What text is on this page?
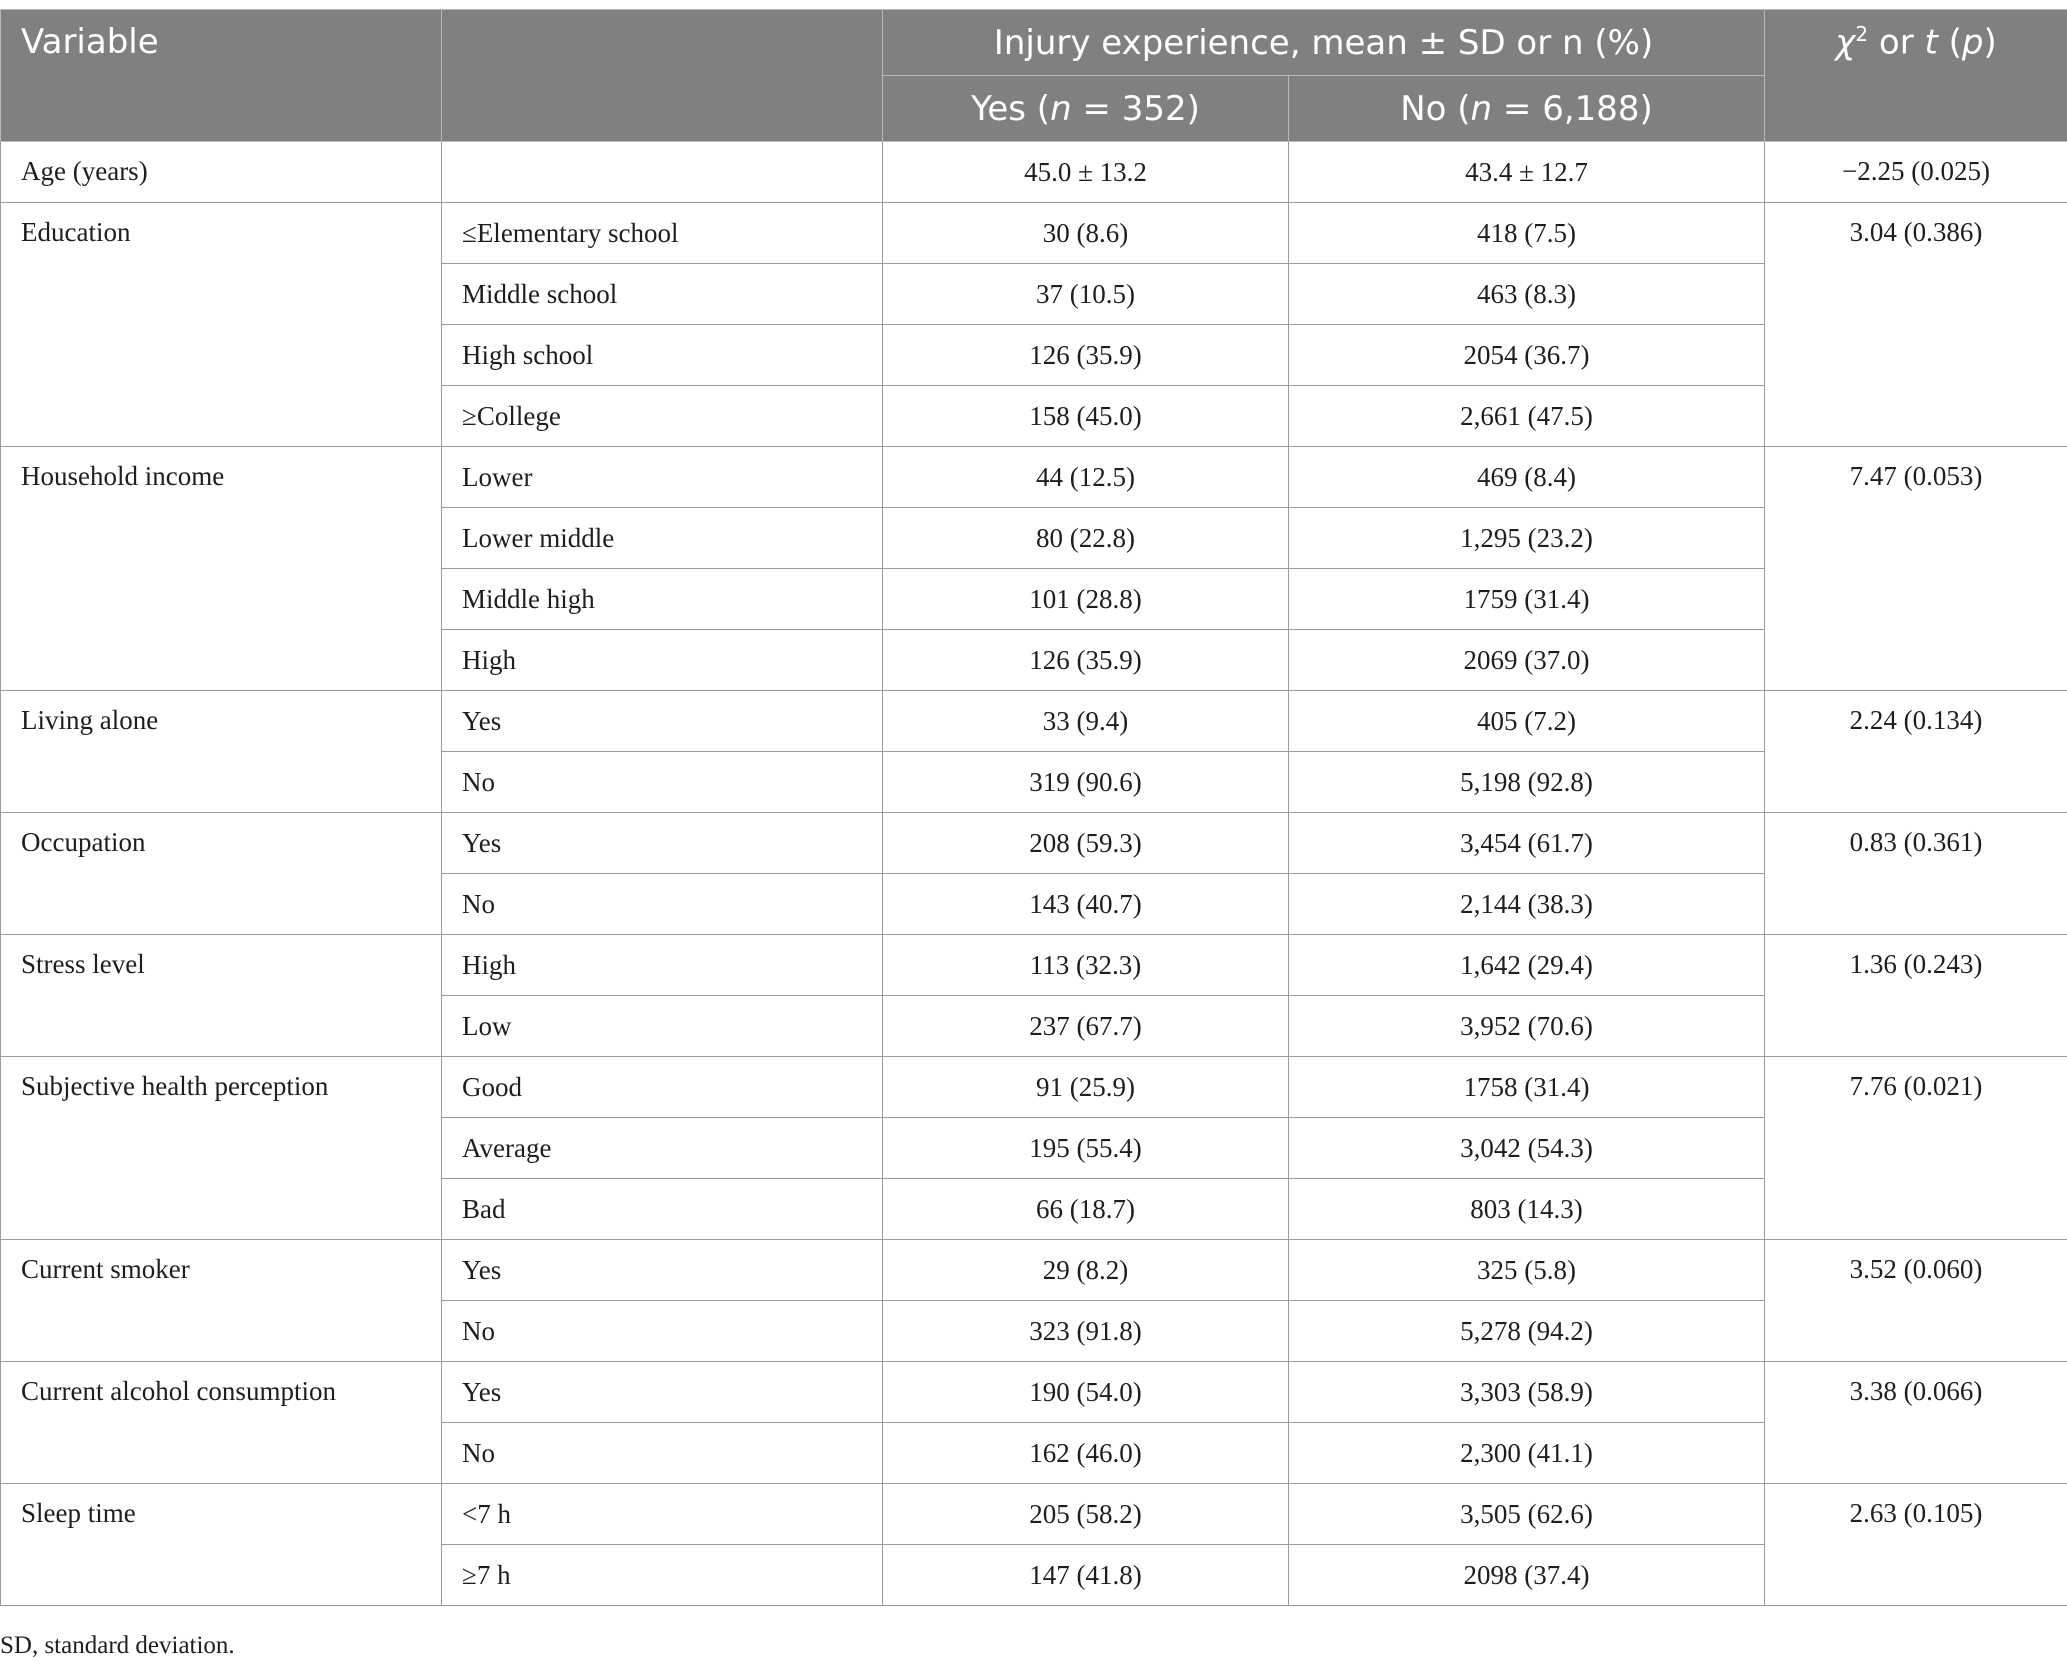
Variable		Injury experience, mean ± SD or n (%)		$\chi^2$ or t (p)
		Yes (n = 352)	No (n = 6,188)	
Age (years)		45.0 ± 13.2	43.4 ± 12.7	−2.25 (0.025)
Education	≤Elementary school	30 (8.6)	418 (7.5)	3.04 (0.386)
	Middle school	37 (10.5)	463 (8.3)	
	High school	126 (35.9)	2054 (36.7)	
	≥College	158 (45.0)	2,661 (47.5)	
Household income	Lower	44 (12.5)	469 (8.4)	7.47 (0.053)
	Lower middle	80 (22.8)	1,295 (23.2)	
	Middle high	101 (28.8)	1759 (31.4)	
	High	126 (35.9)	2069 (37.0)	
Living alone	Yes	33 (9.4)	405 (7.2)	2.24 (0.134)
	No	319 (90.6)	5,198 (92.8)	
Occupation	Yes	208 (59.3)	3,454 (61.7)	0.83 (0.361)
	No	143 (40.7)	2,144 (38.3)	
Stress level	High	113 (32.3)	1,642 (29.4)	1.36 (0.243)
	Low	237 (67.7)	3,952 (70.6)	
Subjective health perception	Good	91 (25.9)	1758 (31.4)	7.76 (0.021)
	Average	195 (55.4)	3,042 (54.3)	
	Bad	66 (18.7)	803 (14.3)	
Current smoker	Yes	29 (8.2)	325 (5.8)	3.52 (0.060)
	No	323 (91.8)	5,278 (94.2)	
Current alcohol consumption	Yes	190 (54.0)	3,303 (58.9)	3.38 (0.066)
	No	162 (46.0)	2,300 (41.1)	
Sleep time	<7 h	205 (58.2)	3,505 (62.6)	2.63 (0.105)
	≥7 h	147 (41.8)	2098 (37.4)	
SD, standard deviation.
